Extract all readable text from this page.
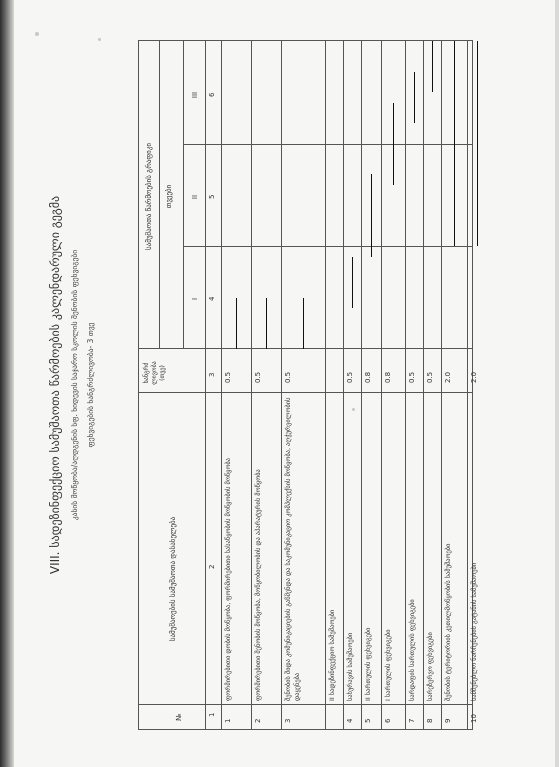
VIII. სადეზინფექციო სამუშაოთა წარმოების კალენდარული გეგმა კასის მოწყობა/აღდგენის სფ. ხიდევის საჯარო სკოლის შენობის ფეხვიგები ფეხვიგების ხანგრძლივობა- 3 თვე
№
სამუშაოების სამუშაოთა დასახელება
ხანგრძ ლივობა (თვე)
სამუშაოთა წარმოების გრაფიკი თვეები
I
II
III
1
2
3
4
5
6
1
ფორმირებითი დობის მოწყობა, ფორმირებითი სასაწყობის მოწყობის მოწყობა
0.5
2
ფორმირებითი შენობის მოწყობა, მოწყობილობის და აპარატურის მოწყობა
0.5
3
შენობის შიდა კომუნიკაციების გაწმენდა და საკომუნიკაციო კომპლექსის მოწყობა, აღჭურვილობის დაყენება
0.5
II სადეზინფექციო სამუშაოები
4
სახურავის სამუშაოები
0.5
5
II სართულის ფეხვიგები
0.8
6
I სართულის ფეხვიგები
0.8
7
სარდაფის სართულის ფეხვიგები
0.5
8
სარეზერვო ფეხვიგები
0.5
9
შენობის ტერიტორიის კეთილმოწყობის სამუშაოები
2.0
10
სამშენებლო ნარჩენების გატანის სამუშაოები
2.0
